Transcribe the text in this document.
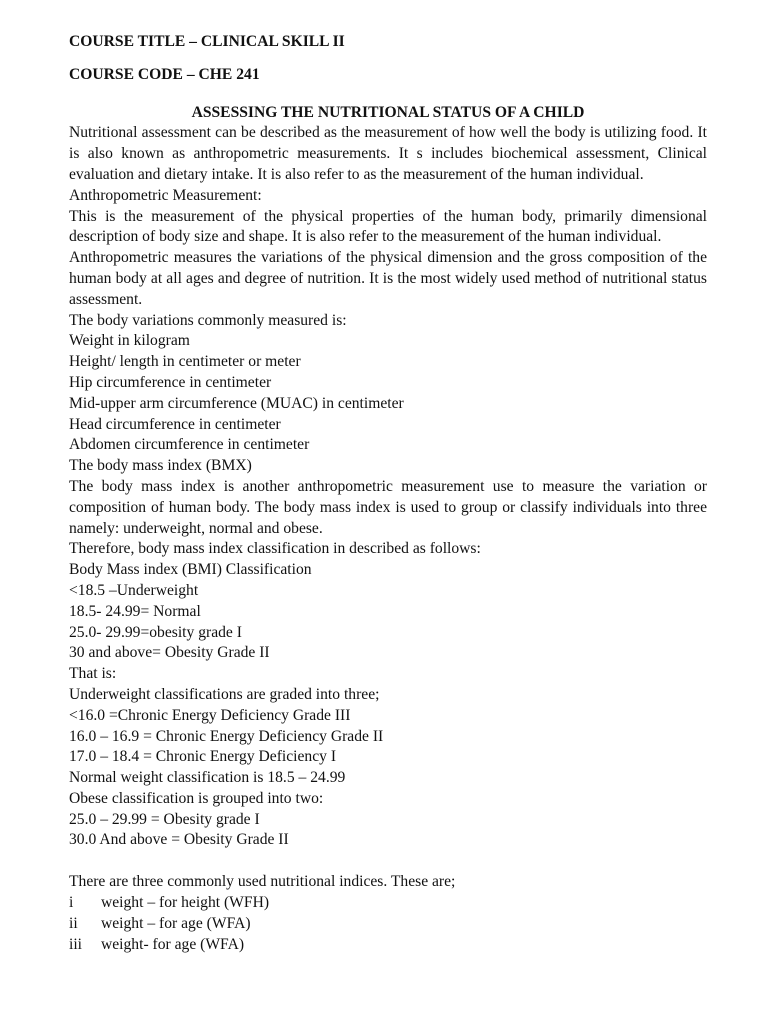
COURSE TITLE – CLINICAL SKILL II

COURSE CODE – CHE 241

ASSESSING THE NUTRITIONAL STATUS OF A CHILD

Nutritional assessment can be described as the measurement of how well the body is utilizing food. It is also known as anthropometric measurements. It s includes biochemical assessment, Clinical evaluation and dietary intake. It is also refer to as the measurement of the human individual.

Anthropometric Measurement:

This is the measurement of the physical properties of the human body, primarily dimensional description of body size and shape. It is also refer to the measurement of the human individual.

Anthropometric measures the variations of the physical dimension and the gross composition of the human body at all ages and degree of nutrition. It is the most widely used method of nutritional status assessment.

The body variations commonly measured is:

Weight in kilogram

Height/ length in centimeter or meter

Hip circumference in centimeter

Mid-upper arm circumference (MUAC) in centimeter

Head circumference in centimeter

Abdomen circumference in centimeter

The body mass index (BMX)

The body mass index is another anthropometric measurement use to measure the variation or composition of human body. The body mass index is used to group or classify individuals into three namely: underweight, normal and obese.

Therefore, body mass index classification in described as follows:

Body Mass index (BMI) Classification

<18.5 –Underweight

18.5- 24.99= Normal

25.0- 29.99=obesity grade I

30 and above= Obesity Grade II

That is:

Underweight classifications are graded into three;

<16.0 =Chronic Energy Deficiency Grade III

16.0 – 16.9 = Chronic Energy Deficiency Grade II

17.0 – 18.4 = Chronic Energy Deficiency I

Normal weight classification is 18.5 – 24.99

Obese classification is grouped into two:

25.0 – 29.99 = Obesity grade I

30.0 And above = Obesity Grade II

There are three commonly used nutritional indices. These are;

i weight – for height (WFH)

ii weight – for age (WFA)

iii weight- for age (WFA)
